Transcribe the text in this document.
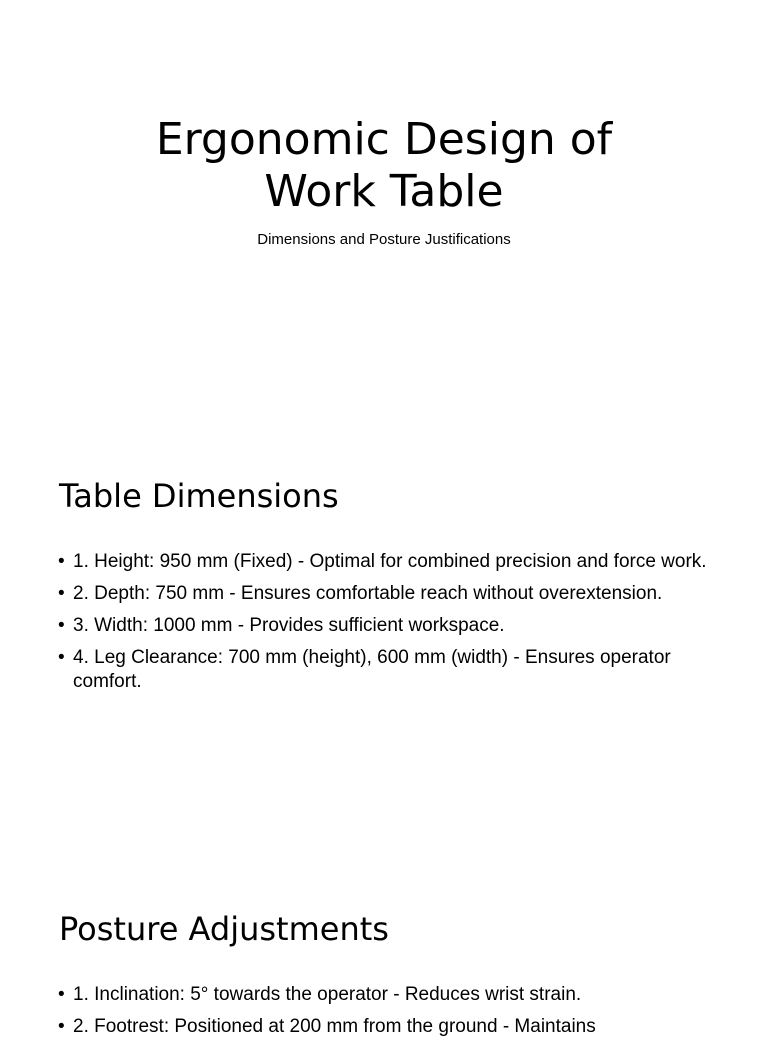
Ergonomic Design of
Work Table

Dimensions and Posture Justifications

Table Dimensions
• 1. Height: 950 mm (Fixed) - Optimal for combined precision and force work.
• 2. Depth: 750 mm - Ensures comfortable reach without overextension.
• 3. Width: 1000 mm - Provides sufficient workspace.
• 4. Leg Clearance: 700 mm (height), 600 mm (width) - Ensures operator comfort.
Posture Adjustments
• 1. Inclination: 5° towards the operator - Reduces wrist strain.
• 2. Footrest: Positioned at 200 mm from the ground - Maintains
